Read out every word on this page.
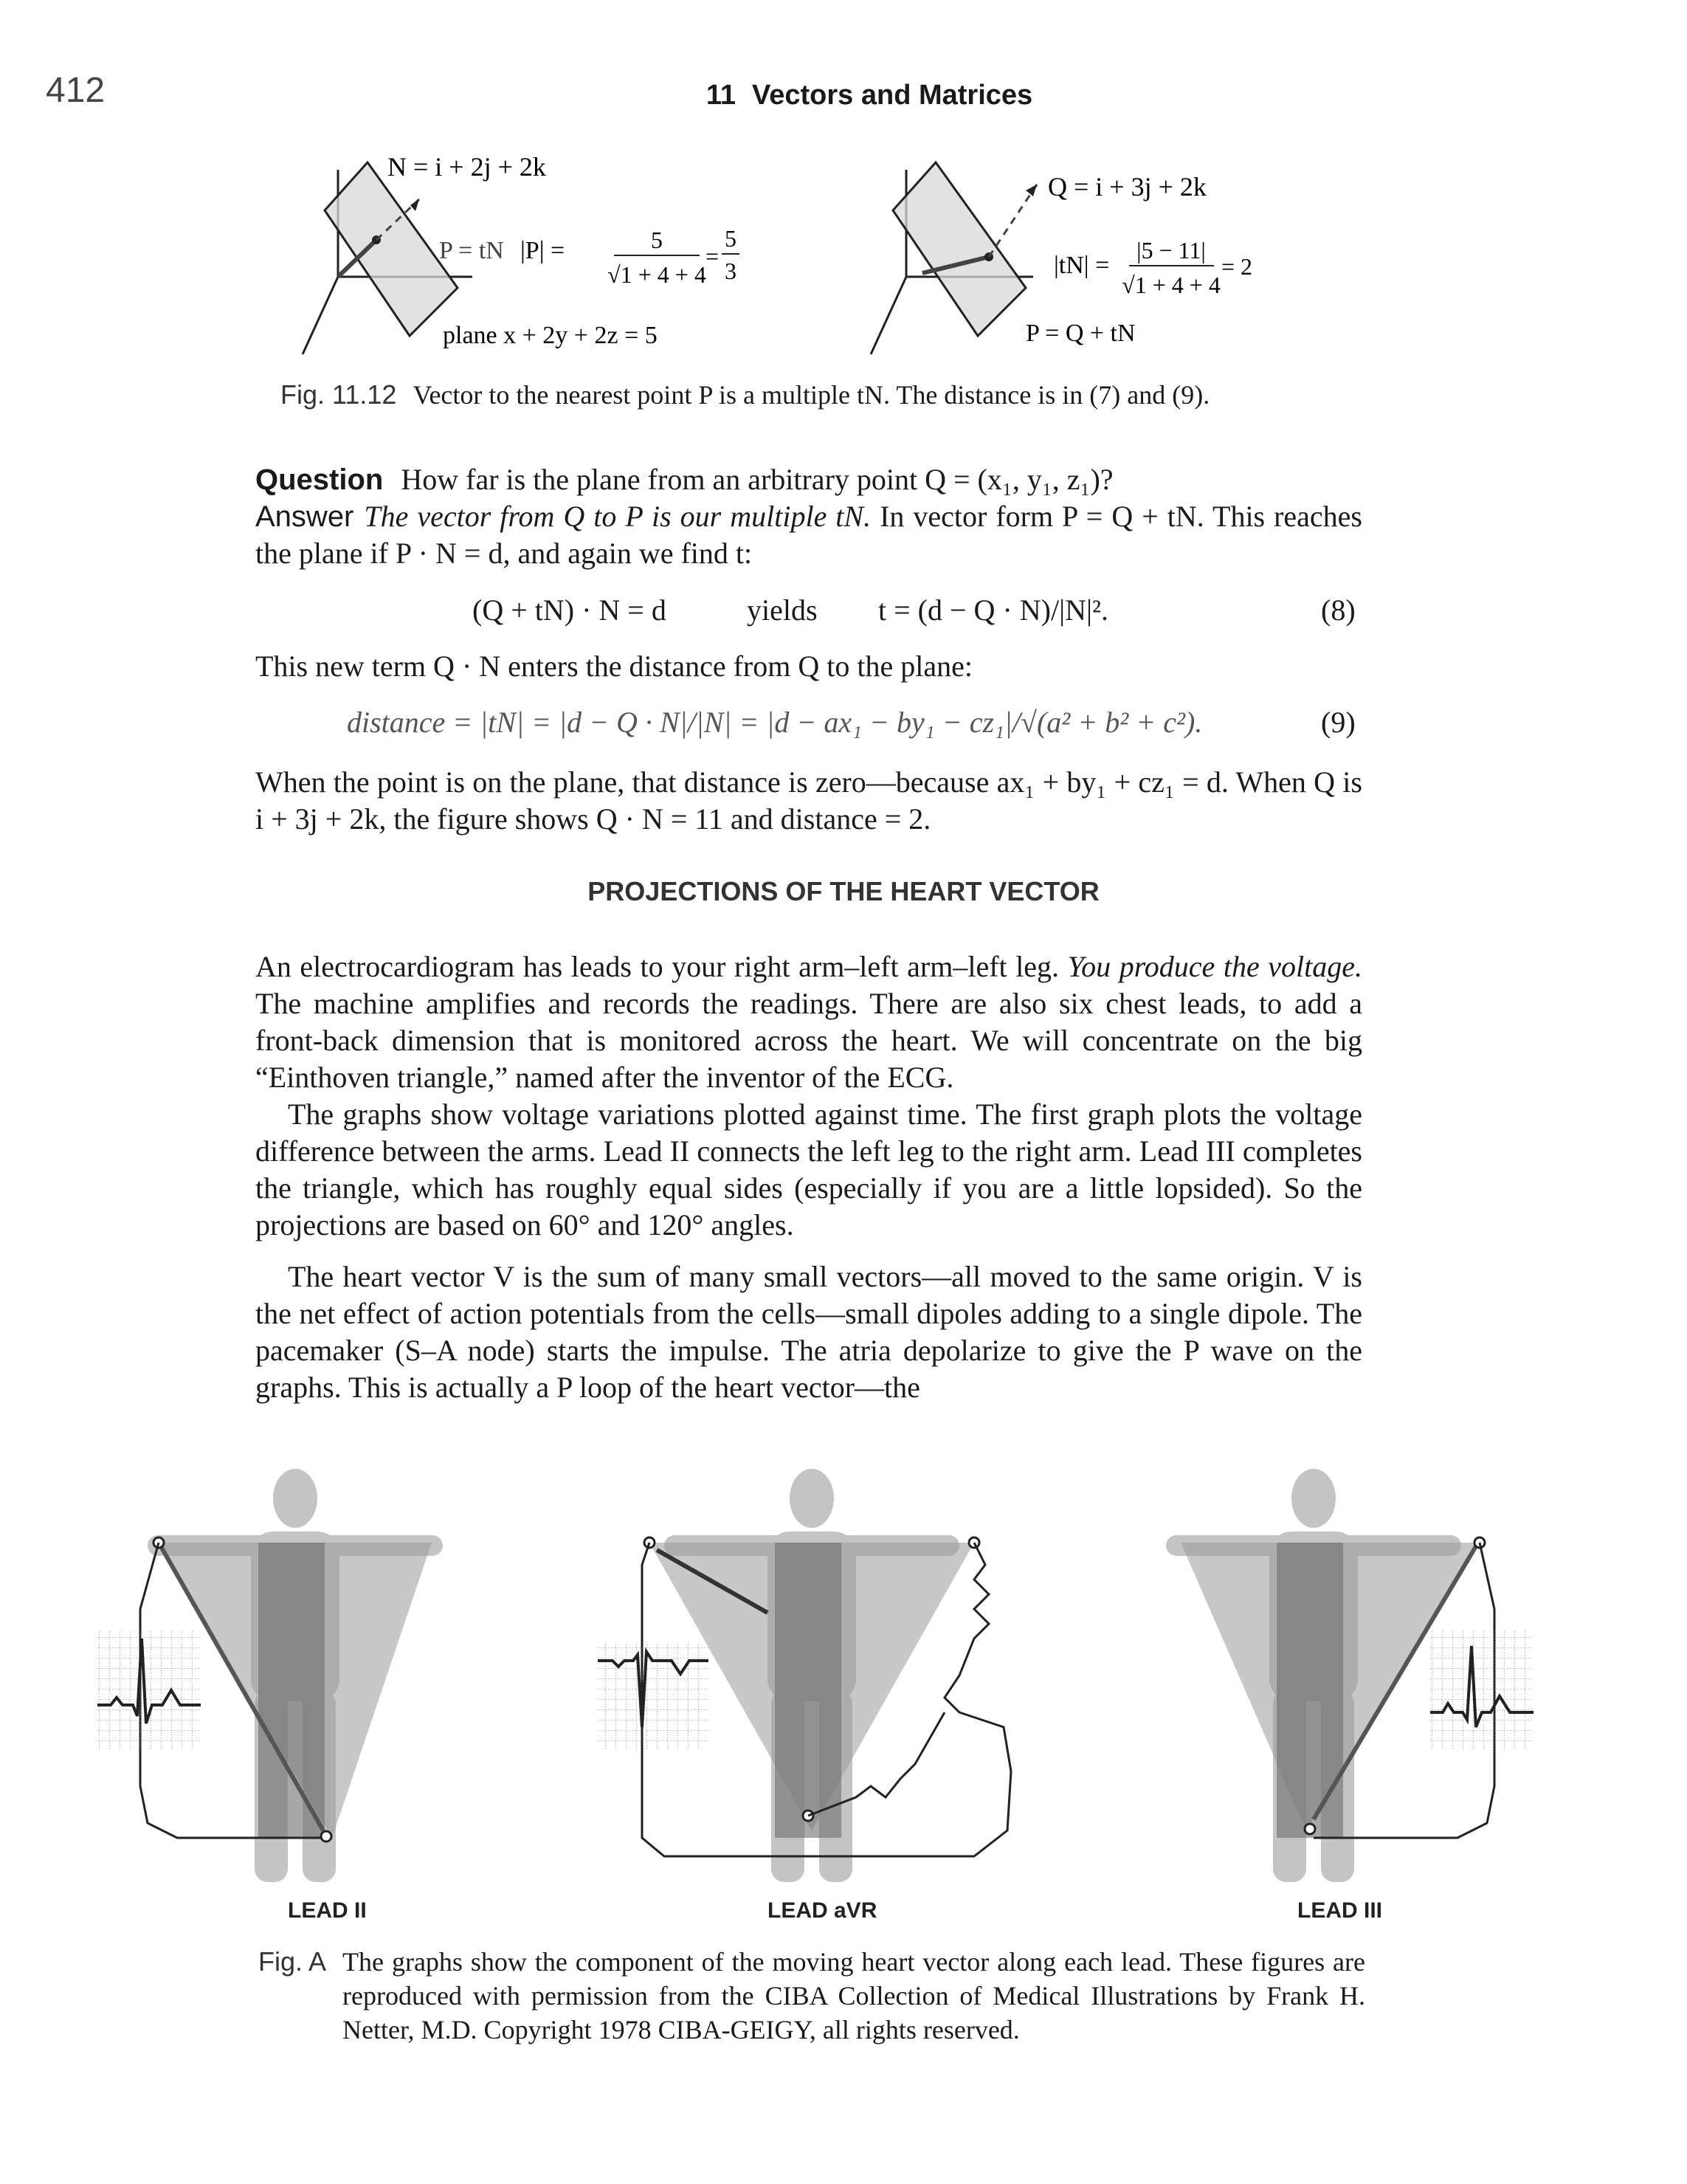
412	11 Vectors and Matrices
N = i + 2j + 2k
P = tN |P| =	5
√1 + 4 + 4
=
5
3
plane x + 2y + 2z = 5
Q = i + 3j + 2k
|tN| =
|5 − 11|
√1 + 4 + 4
= 2
P = Q + tN
Fig. 11.12 Vector to the nearest point P is a multiple tN. The distance is in (7) and (9).
Question How far is the plane from an arbitrary point Q = (x₁, y₁, z₁)?
Answer The vector from Q to P is our multiple tN. In vector form P = Q + tN. This reaches the plane if P · N = d, and again we find t:
(Q + tN) · N = d	yields t = (d − Q · N)/|N|².	(8)
This new term Q · N enters the distance from Q to the plane:
distance = |tN| = |d − Q · N|/|N| = |d − ax₁ − by₁ − cz₁|/√(a² + b² + c²).	(9)
When the point is on the plane, that distance is zero—because ax₁ + by₁ + cz₁ = d. When Q is i + 3j + 2k, the figure shows Q · N = 11 and distance = 2.
PROJECTIONS OF THE HEART VECTOR
An electrocardiogram has leads to your right arm–left arm–left leg. You produce the voltage. The machine amplifies and records the readings. There are also six chest leads, to add a front-back dimension that is monitored across the heart. We will concentrate on the big “Einthoven triangle,” named after the inventor of the ECG.
The graphs show voltage variations plotted against time. The first graph plots the voltage difference between the arms. Lead II connects the left leg to the right arm. Lead III completes the triangle, which has roughly equal sides (especially if you are a little lopsided). So the projections are based on 60° and 120° angles.
The heart vector V is the sum of many small vectors—all moved to the same origin. V is the net effect of action potentials from the cells—small dipoles adding to a single dipole. The pacemaker (S–A node) starts the impulse. The atria depolarize to give the P wave on the graphs. This is actually a P loop of the heart vector—the
LEAD II	LEAD aVR	LEAD III
Fig. A The graphs show the component of the moving heart vector along each lead. These figures are reproduced with permission from the CIBA Collection of Medical Illustrations by Frank H. Netter, M.D. Copyright 1978 CIBA-GEIGY, all rights reserved.
